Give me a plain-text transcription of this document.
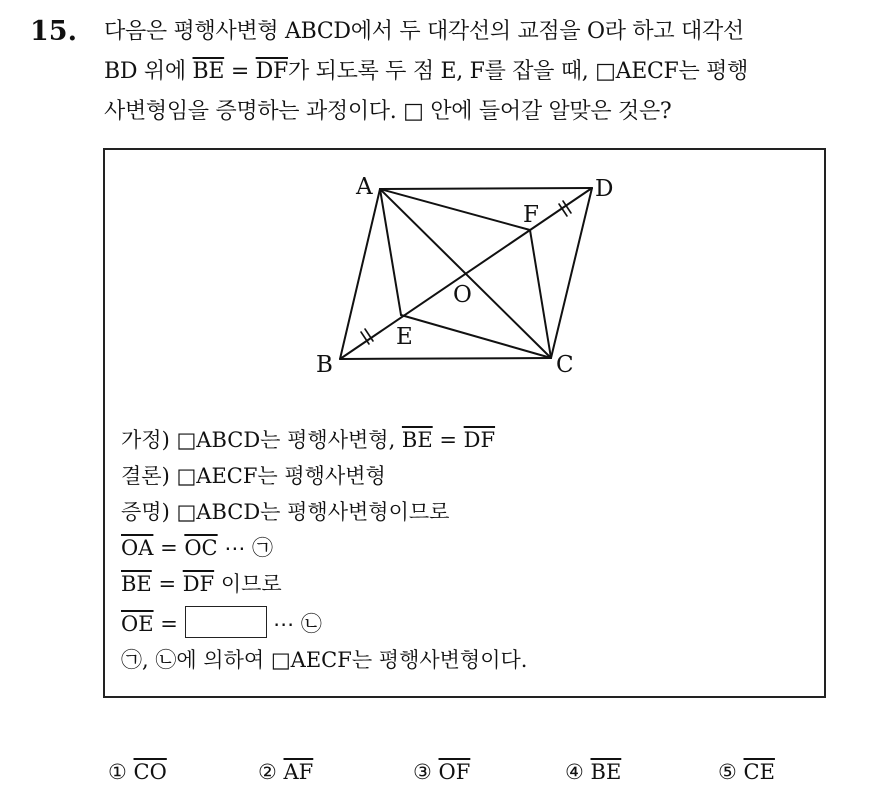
15. 다음은 평행사변형 ABCD에서 두 대각선의 교점을 O라 하고 대각선
BD 위에 $\overline{BE} = \overline{DF}$가 되도록 두 점 E, F를 잡을 때, □AECF는 평행
사변형임을 증명하는 과정이다. □ 안에 들어갈 알맞은 것은?
A	D
F
O
E
B	C
가정) □ABCD는 평행사변형, $\overline{BE} = \overline{DF}$
결론) □AECF는 평행사변형
증명) □ABCD는 평행사변형이므로
$\overline{OA} = \overline{OC}$ ⋯ ㉠
$\overline{BE} = \overline{DF}$ 이므로
$\overline{OE}$ =	⋯ ㉡
㉠, ㉡에 의하여 □AECF는 평행사변형이다.
① $\overline{CO}$	② $\overline{AF}$	③ $\overline{OF}$	④ $\overline{BE}$	⑤ $\overline{CE}$
